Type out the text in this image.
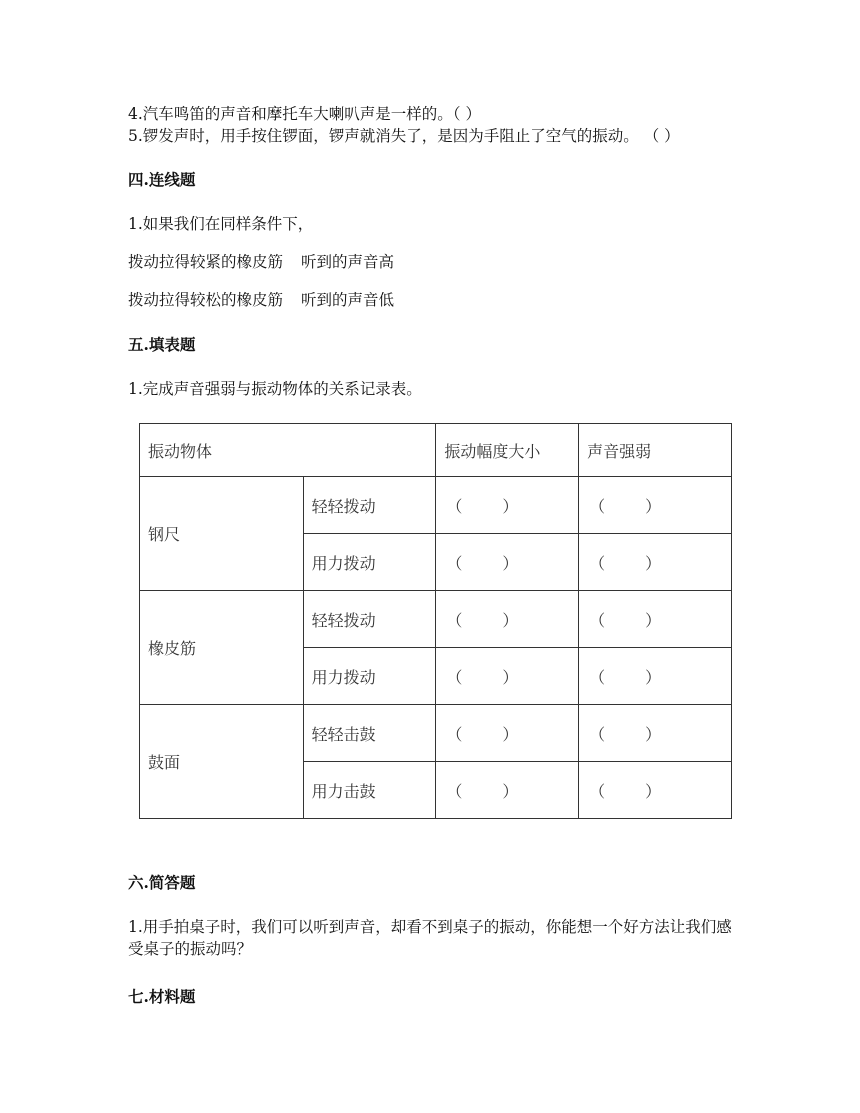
4.汽车鸣笛的声音和摩托车大喇叭声是一样的。（ ）
5.锣发声时，用手按住锣面，锣声就消失了，是因为手阻止了空气的振动。 （ ）
四.连线题
1.如果我们在同样条件下，
拨动拉得较紧的橡皮筋 听到的声音高
拨动拉得较松的橡皮筋 听到的声音低
五.填表题
1.完成声音强弱与振动物体的关系记录表。
振动物体		振动幅度大小	声音强弱
钢尺	轻轻拨动	（ ）	（ ）

	用力拨动	（ ）	（ ）

橡皮筋	轻轻拨动	（ ）	（ ）

	用力拨动	（ ）	（ ）

鼓面	轻轻击鼓	（ ）	（ ）

	用力击鼓	（ ）	（ ）
六.简答题
1.用手拍桌子时，我们可以听到声音，却看不到桌子的振动，你能想一个好方法让我们感受桌子的振动吗？
七.材料题
